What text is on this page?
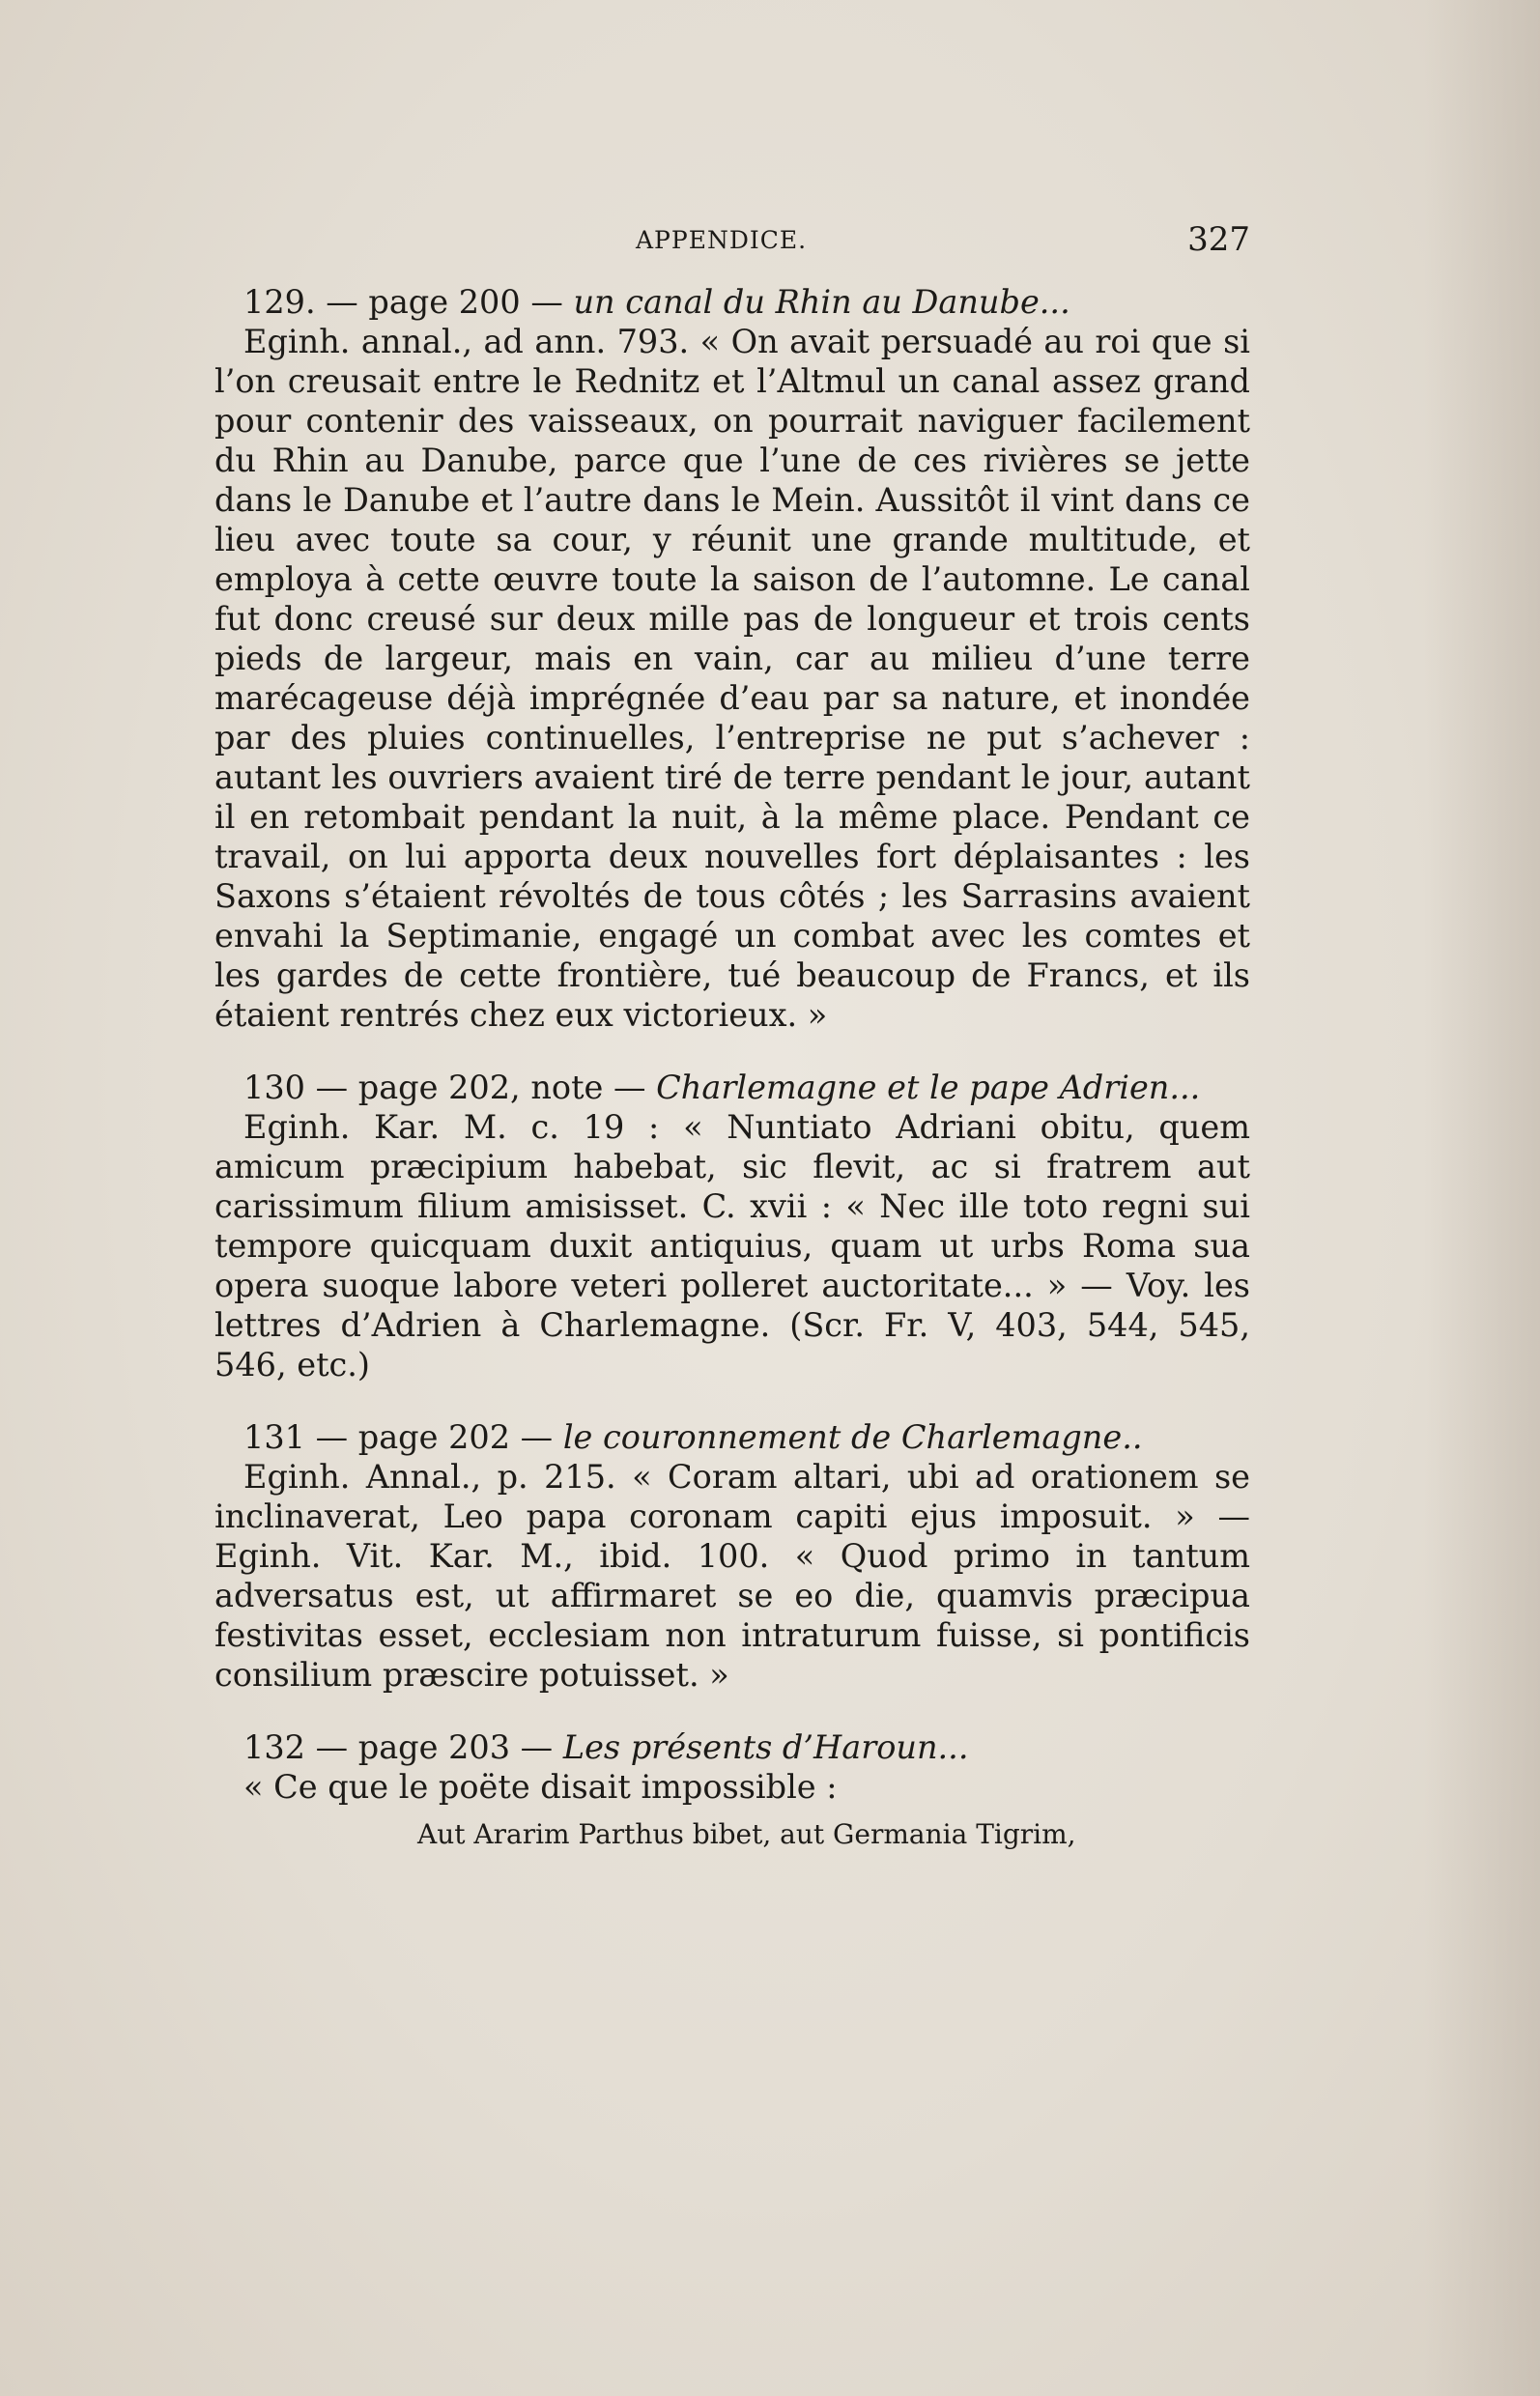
APPENDICE.	327

129. — page 200 — un canal du Rhin au Danube...

Eginh. annal., ad ann. 793. « On avait persuadé au roi que si l’on creusait entre le Rednitz et l’Altmul un canal assez grand pour contenir des vaisseaux, on pourrait naviguer facilement du Rhin au Danube, parce que l’une de ces rivières se jette dans le Danube et l’autre dans le Mein. Aussitôt il vint dans ce lieu avec toute sa cour, y réunit une grande multitude, et employa à cette œuvre toute la saison de l’automne. Le canal fut donc creusé sur deux mille pas de longueur et trois cents pieds de largeur, mais en vain, car au milieu d’une terre marécageuse déjà imprégnée d’eau par sa nature, et inondée par des pluies continuelles, l’entreprise ne put s’achever : autant les ouvriers avaient tiré de terre pendant le jour, autant il en retombait pendant la nuit, à la même place. Pendant ce travail, on lui apporta deux nouvelles fort déplaisantes : les Saxons s’étaient révoltés de tous côtés ; les Sarrasins avaient envahi la Septimanie, engagé un combat avec les comtes et les gardes de cette frontière, tué beaucoup de Francs, et ils étaient rentrés chez eux victorieux. »

130 — page 202, note — Charlemagne et le pape Adrien...

Eginh. Kar. M. c. 19 : « Nuntiato Adriani obitu, quem amicum præcipium habebat, sic flevit, ac si fratrem aut carissimum filium amisisset. C. xvii : « Nec ille toto regni sui tempore quicquam duxit antiquius, quam ut urbs Roma sua opera suoque labore veteri polleret auctoritate... » — Voy. les lettres d’Adrien à Charlemagne. (Scr. Fr. V, 403, 544, 545, 546, etc.)

131 — page 202 — le couronnement de Charlemagne..

Eginh. Annal., p. 215. « Coram altari, ubi ad orationem se inclinaverat, Leo papa coronam capiti ejus imposuit. » — Eginh. Vit. Kar. M., ibid. 100. « Quod primo in tantum adversatus est, ut affirmaret se eo die, quamvis præcipua festivitas esset, ecclesiam non intraturum fuisse, si pontificis consilium præscire potuisset. »

132 — page 203 — Les présents d’Haroun...

« Ce que le poëte disait impossible :

Aut Ararim Parthus bibet, aut Germania Tigrim,
